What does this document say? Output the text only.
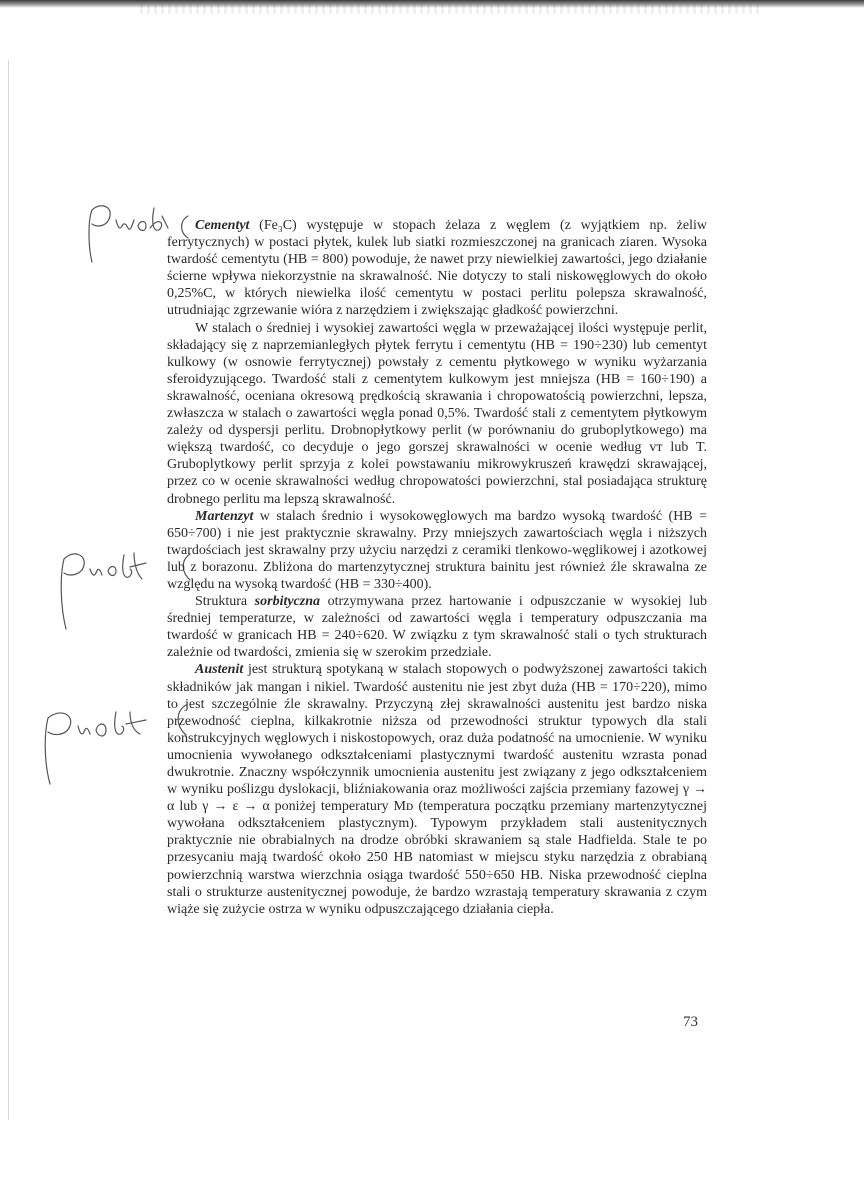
Cementyt (Fe₃C) występuje w stopach żelaza z węglem (z wyjątkiem np. żeliw ferrytycznych) w postaci płytek, kulek lub siatki rozmieszczonej na granicach ziaren. Wysoka twardość cementytu (HB = 800) powoduje, że nawet przy niewielkiej zawartości, jego działanie ścierne wpływa niekorzystnie na skrawalność. Nie dotyczy to stali niskowęglowych do około 0,25%C, w których niewielka ilość cementytu w postaci perlitu polepsza skrawalność, utrudniając zgrzewanie wióra z narzędziem i zwiększając gładkość powierzchni.

W stalach o średniej i wysokiej zawartości węgla w przeważającej ilości występuje perlit, składający się z naprzemianległych płytek ferrytu i cementytu (HB = 190÷230) lub cementyt kulkowy (w osnowie ferrytycznej) powstały z cementu płytkowego w wyniku wyżarzania sferoidyzującego. Twardość stali z cementytem kulkowym jest mniejsza (HB = 160÷190) a skrawalność, oceniana okresową prędkością skrawania i chropowatością powierzchni, lepsza, zwłaszcza w stalach o zawartości węgla ponad 0,5%. Twardość stali z cementytem płytkowym zależy od dyspersji perlitu. Drobnopłytkowy perlit (w porównaniu do gruboplytkowego) ma większą twardość, co decyduje o jego gorszej skrawalności w ocenie według vᴛ lub T. Gruboplytkowy perlit sprzyja z kolei powstawaniu mikrowykruszeń krawędzi skrawającej, przez co w ocenie skrawalności według chropowatości powierzchni, stal posiadająca strukturę drobnego perlitu ma lepszą skrawalność.

Martenzyt w stalach średnio i wysokowęglowych ma bardzo wysoką twardość (HB = 650÷700) i nie jest praktycznie skrawalny. Przy mniejszych zawartościach węgla i niższych twardościach jest skrawalny przy użyciu narzędzi z ceramiki tlenkowo-węglikowej i azotkowej lub z borazonu. Zbliżona do martenzytycznej struktura bainitu jest również źle skrawalna ze względu na wysoką twardość (HB = 330÷400).

Struktura sorbityczna otrzymywana przez hartowanie i odpuszczanie w wysokiej lub średniej temperaturze, w zależności od zawartości węgla i temperatury odpuszczania ma twardość w granicach HB = 240÷620. W związku z tym skrawalność stali o tych strukturach zależnie od twardości, zmienia się w szerokim przedziale.

Austenit jest strukturą spotykaną w stalach stopowych o podwyższonej zawartości takich składników jak mangan i nikiel. Twardość austenitu nie jest zbyt duża (HB = 170÷220), mimo to jest szczególnie źle skrawalny. Przyczyną złej skrawalności austenitu jest bardzo niska przewodność cieplna, kilkakrotnie niższa od przewodności struktur typowych dla stali konstrukcyjnych węglowych i niskostopowych, oraz duża podatność na umocnienie. W wyniku umocnienia wywołanego odkształceniami plastycznymi twardość austenitu wzrasta ponad dwukrotnie. Znaczny współczynnik umocnienia austenitu jest związany z jego odkształceniem w wyniku poślizgu dyslokacji, bliźniakowania oraz możliwości zajścia przemiany fazowej γ → α lub γ → ε → α poniżej temperatury Mᴅ (temperatura początku przemiany martenzytycznej wywołana odkształceniem plastycznym). Typowym przykładem stali austenitycznych praktycznie nie obrabialnych na drodze obróbki skrawaniem są stale Hadfielda. Stale te po przesycaniu mają twardość około 250 HB natomiast w miejscu styku narzędzia z obrabianą powierzchnią warstwa wierzchnia osiąga twardość 550÷650 HB. Niska przewodność cieplna stali o strukturze austenitycznej powoduje, że bardzo wzrastają temperatury skrawania z czym wiąże się zużycie ostrza w wyniku odpuszczającego działania ciepła.

73
